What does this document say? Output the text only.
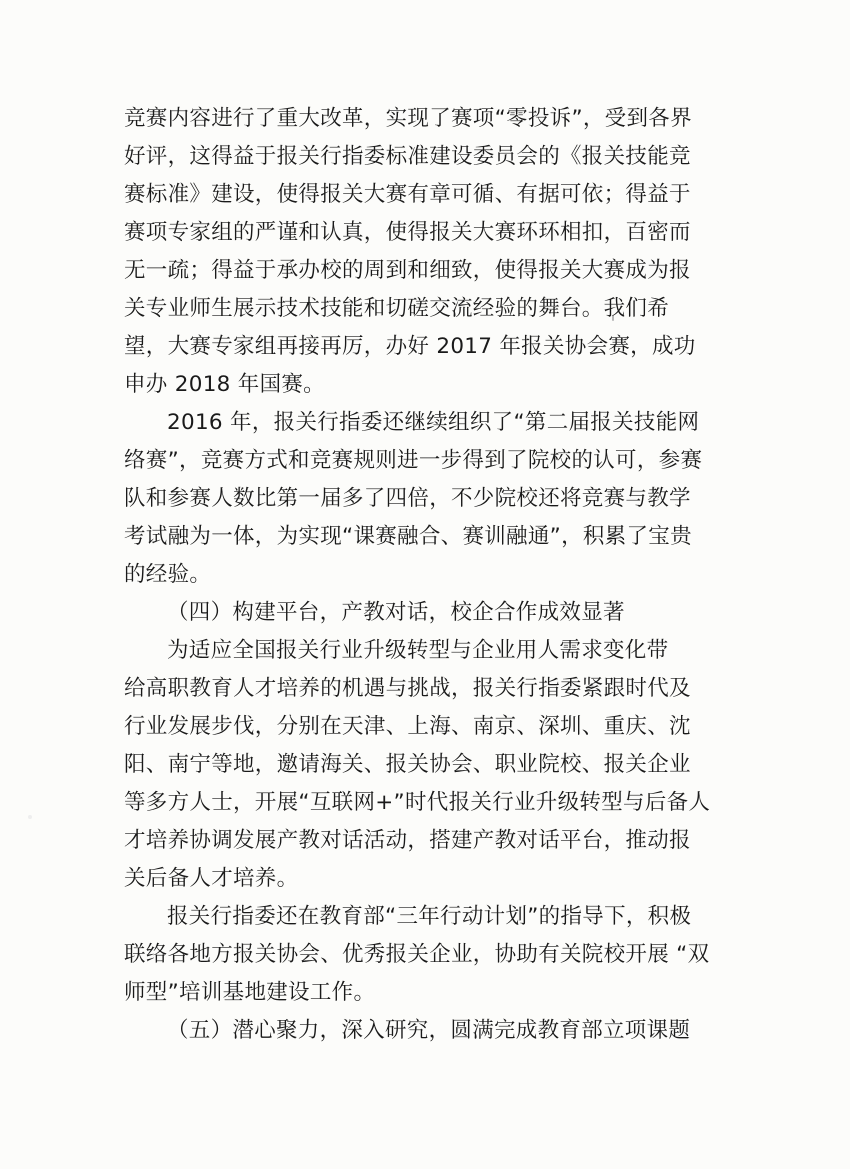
竞赛内容进行了重大改革，实现了赛项“零投诉”，受到各界
好评，这得益于报关行指委标准建设委员会的《报关技能竞
赛标准》建设，使得报关大赛有章可循、有据可依；得益于
赛项专家组的严谨和认真，使得报关大赛环环相扣，百密而
无一疏；得益于承办校的周到和细致，使得报关大赛成为报
关专业师生展示技术技能和切磋交流经验的舞台。我们希
望，大赛专家组再接再厉，办好 2017 年报关协会赛，成功
申办 2018 年国赛。
2016 年，报关行指委还继续组织了“第二届报关技能网
络赛”，竞赛方式和竞赛规则进一步得到了院校的认可，参赛
队和参赛人数比第一届多了四倍，不少院校还将竞赛与教学
考试融为一体，为实现“课赛融合、赛训融通”，积累了宝贵
的经验。
（四）构建平台，产教对话，校企合作成效显著
为适应全国报关行业升级转型与企业用人需求变化带
给高职教育人才培养的机遇与挑战，报关行指委紧跟时代及
行业发展步伐，分别在天津、上海、南京、深圳、重庆、沈
阳、南宁等地，邀请海关、报关协会、职业院校、报关企业
等多方人士，开展“互联网+”时代报关行业升级转型与后备人
才培养协调发展产教对话活动，搭建产教对话平台，推动报
关后备人才培养。
报关行指委还在教育部“三年行动计划”的指导下，积极
联络各地方报关协会、优秀报关企业，协助有关院校开展 “双
师型”培训基地建设工作。
（五）潜心聚力，深入研究，圆满完成教育部立项课题
